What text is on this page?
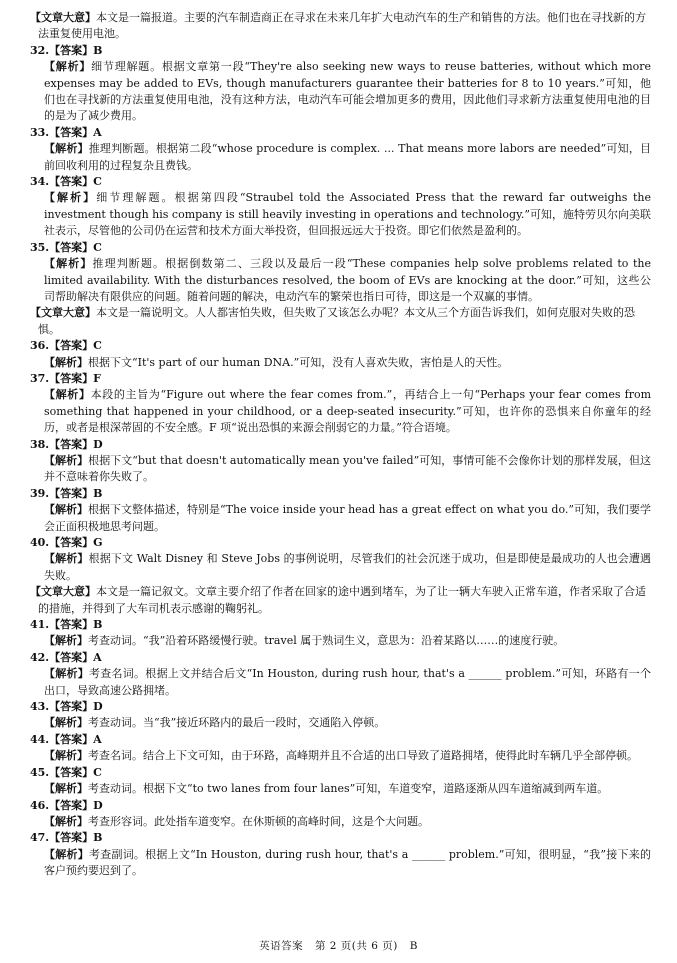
【文章大意】本文是一篇报道。主要的汽车制造商正在寻求在未来几年扩大电动汽车的生产和销售的方法。他们也在寻找新的方法重复使用电池。

32.【答案】B

【解析】细节理解题。根据文章第一段“They're also seeking new ways to reuse batteries, without which more expenses may be added to EVs, though manufacturers guarantee their batteries for 8 to 10 years.”可知，他们也在寻找新的方法重复使用电池，没有这种方法，电动汽车可能会增加更多的费用，因此他们寻求新方法重复使用电池的目的是为了减少费用。

33.【答案】A

【解析】推理判断题。根据第二段“whose procedure is complex. ... That means more labors are needed”可知，目前回收利用的过程复杂且费钱。

34.【答案】C

【解析】细节理解题。根据第四段“Straubel told the Associated Press that the reward far outweighs the investment though his company is still heavily investing in operations and technology.”可知，施特劳贝尔向美联社表示，尽管他的公司仍在运营和技术方面大举投资，但回报远远大于投资。即它们依然是盈利的。

35.【答案】C

【解析】推理判断题。根据倒数第二、三段以及最后一段“These companies help solve problems related to the limited availability. With the disturbances resolved, the boom of EVs are knocking at the door.”可知，这些公司帮助解决有限供应的问题。随着问题的解决，电动汽车的繁荣也指日可待，即这是一个双赢的事情。

【文章大意】本文是一篇说明文。人人都害怕失败，但失败了又该怎么办呢？本文从三个方面告诉我们，如何克服对失败的恐惧。

36.【答案】C

【解析】根据下文“It's part of our human DNA.”可知，没有人喜欢失败，害怕是人的天性。

37.【答案】F

【解析】本段的主旨为“Figure out where the fear comes from.”，再结合上一句“Perhaps your fear comes from something that happened in your childhood, or a deep-seated insecurity.”可知，也许你的恐惧来自你童年的经历，或者是根深蒂固的不安全感。F 项“说出恐惧的来源会削弱它的力量。”符合语境。

38.【答案】D

【解析】根据下文“but that doesn't automatically mean you've failed”可知，事情可能不会像你计划的那样发展，但这并不意味着你失败了。

39.【答案】B

【解析】根据下文整体描述，特别是“The voice inside your head has a great effect on what you do.”可知，我们要学会正面积极地思考问题。

40.【答案】G

【解析】根据下文 Walt Disney 和 Steve Jobs 的事例说明，尽管我们的社会沉迷于成功，但是即使是最成功的人也会遭遇失败。

【文章大意】本文是一篇记叙文。文章主要介绍了作者在回家的途中遇到堵车，为了让一辆大车驶入正常车道，作者采取了合适的措施，并得到了大车司机表示感谢的鞠躬礼。

41.【答案】B

【解析】考查动词。“我”沿着环路缓慢行驶。travel 属于熟词生义，意思为：沿着某路以……的速度行驶。

42.【答案】A

【解析】考查名词。根据上文并结合后文“In Houston, during rush hour, that's a ______ problem.”可知，环路有一个出口，导致高速公路拥堵。

43.【答案】D

【解析】考查动词。当“我”接近环路内的最后一段时，交通陷入停顿。

44.【答案】A

【解析】考查名词。结合上下文可知，由于环路，高峰期并且不合适的出口导致了道路拥堵，使得此时车辆几乎全部停顿。

45.【答案】C

【解析】考查动词。根据下文“to two lanes from four lanes”可知，车道变窄，道路逐渐从四车道缩减到两车道。

46.【答案】D

【解析】考查形容词。此处指车道变窄。在休斯顿的高峰时间，这是个大问题。

47.【答案】B

【解析】考查副词。根据上文“In Houston, during rush hour, that's a ______ problem.”可知，很明显，“我”接下来的客户预约要迟到了。

英语答案 第 2 页(共 6 页) B
